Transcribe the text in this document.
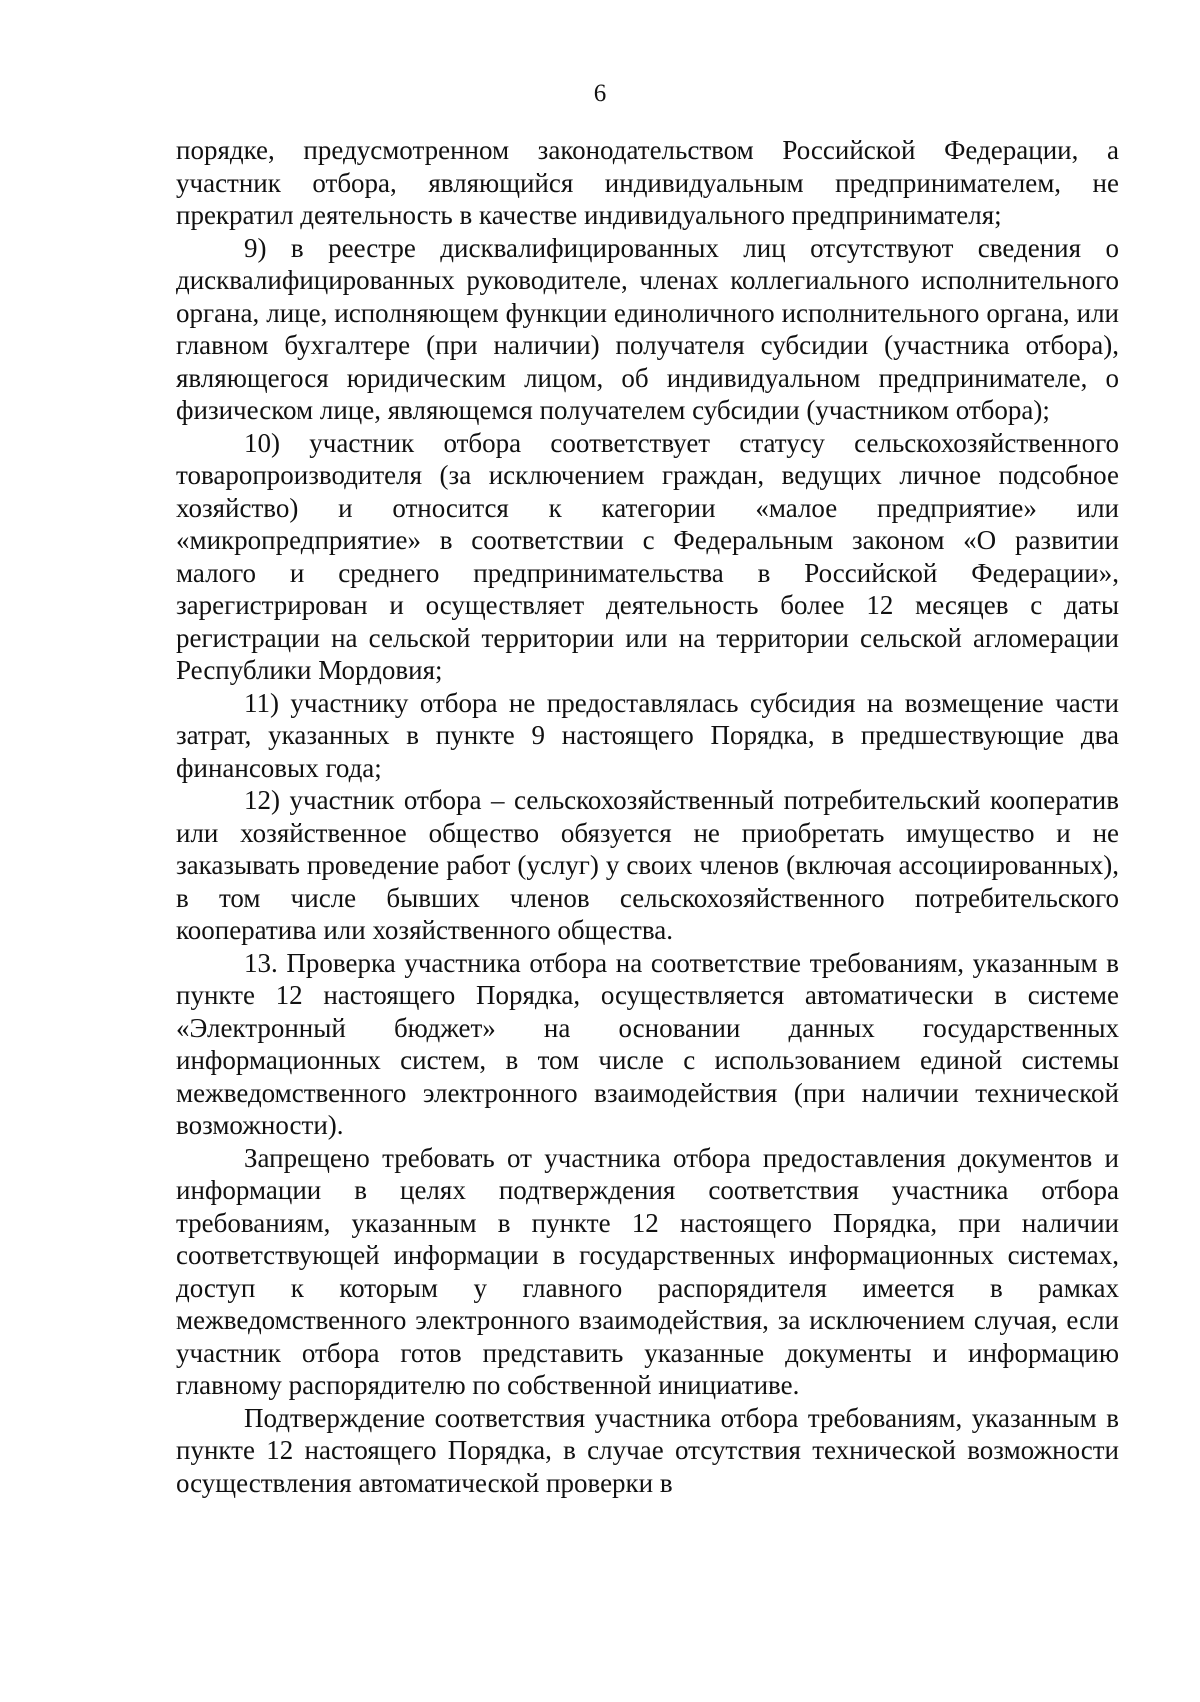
6

порядке, предусмотренном законодательством Российской Федерации, а участник отбора, являющийся индивидуальным предпринимателем, не прекратил деятельность в качестве индивидуального предпринимателя;

9) в реестре дисквалифицированных лиц отсутствуют сведения о дисквалифицированных руководителе, членах коллегиального исполнительного органа, лице, исполняющем функции единоличного исполнительного органа, или главном бухгалтере (при наличии) получателя субсидии (участника отбора), являющегося юридическим лицом, об индивидуальном предпринимателе, о физическом лице, являющемся получателем субсидии (участником отбора);

10) участник отбора соответствует статусу сельскохозяйственного товаропроизводителя (за исключением граждан, ведущих личное подсобное хозяйство) и относится к категории «малое предприятие» или «микропредприятие» в соответствии с Федеральным законом «О развитии малого и среднего предпринимательства в Российской Федерации», зарегистрирован и осуществляет деятельность более 12 месяцев с даты регистрации на сельской территории или на территории сельской агломерации Республики Мордовия;

11) участнику отбора не предоставлялась субсидия на возмещение части затрат, указанных в пункте 9 настоящего Порядка, в предшествующие два финансовых года;

12) участник отбора – сельскохозяйственный потребительский кооператив или хозяйственное общество обязуется не приобретать имущество и не заказывать проведение работ (услуг) у своих членов (включая ассоциированных), в том числе бывших членов сельскохозяйственного потребительского кооператива или хозяйственного общества.

13. Проверка участника отбора на соответствие требованиям, указанным в пункте 12 настоящего Порядка, осуществляется автоматически в системе «Электронный бюджет» на основании данных государственных информационных систем, в том числе с использованием единой системы межведомственного электронного взаимодействия (при наличии технической возможности).

Запрещено требовать от участника отбора предоставления документов и информации в целях подтверждения соответствия участника отбора требованиям, указанным в пункте 12 настоящего Порядка, при наличии соответствующей информации в государственных информационных системах, доступ к которым у главного распорядителя имеется в рамках межведомственного электронного взаимодействия, за исключением случая, если участник отбора готов представить указанные документы и информацию главному распорядителю по собственной инициативе.

Подтверждение соответствия участника отбора требованиям, указанным в пункте 12 настоящего Порядка, в случае отсутствия технической возможности осуществления автоматической проверки в
